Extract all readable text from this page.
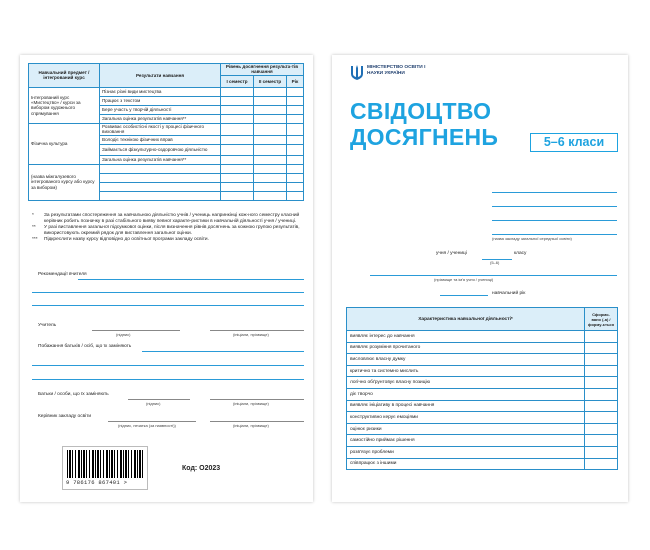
Навчальний предмет / інтегрований курс	Результати навчання	Рівень досягнення результа-тів навчання		
		I семестр	II семестр	Рік
Інтегрований курс «Мистецтво» / курси за вибором художнього спрямування	Пізнає різні види мистецтва			
	Працює з текстом			
	Бере участь у творчій діяльності			
	Загальна оцінка результатів навчання**			
Фізична культура	Розвиває особистісні якості у процесі фізичного виховання			
	Володіє технікою фізичних вправ			
	Займається фізкультурно-оздоровчою діяльністю			
	Загальна оцінка результатів навчання**			
(назва міжгалузевого інтегрованого курсу або курсу за вибором)				

*	За результатами спостереження за навчальною діяльністю учнів / учениць напринкінці кож-ного семестру класний керівник робить позначку в разі стабільного вияву певної характе-ристики в навчальній діяльності учня / учениці.
**	У разі виставлення загальної підсумкової оцінки, після визначення рівнів досягнень за кожною групою результатів, використовують окремий рядок для виставлення загальної оцінки.
***	Підкреслити назву курсу відповідно до освітньої програми закладу освіти.
Рекомендації вчителя
Учитель
(підпис)	(ініціали, прізвище)
Побажання батьків / осіб, що їх заміняють
Батьки / особи, що їх заміняють
(підпис)	(ініціали, прізвище)
Керівник закладу освіти
(підпис, печатка (за наявності))	(ініціали, прізвище)
9 786176 867401 >
Код: О2023
МІНІСТЕРСТВО ОСВІТИ І НАУКИ УКРАЇНИ
СВІДОЦТВО
ДОСЯГНЕНЬ	5–6 класи
(назва закладу загальної середньої освіти)
учня / учениці	класу
(5–6)
(прізвище та ім'я учня / учениці)
навчальний рік
Характеристика навчальної діяльності*	Сформо-вано (-а) / форму-ється
виявляє інтерес до навчання	
виявляє розуміння прочитаного	
висловлює власну думку	
критично та системно мислить	
логічно обґрунтовує власну позицію	
діє творчо	
виявляє ініціативу в процесі навчання	
конструктивно керує емоціями	
оцінює ризики	
самостійно приймає рішення	
розв'язує проблеми	
співпрацює з іншими	
